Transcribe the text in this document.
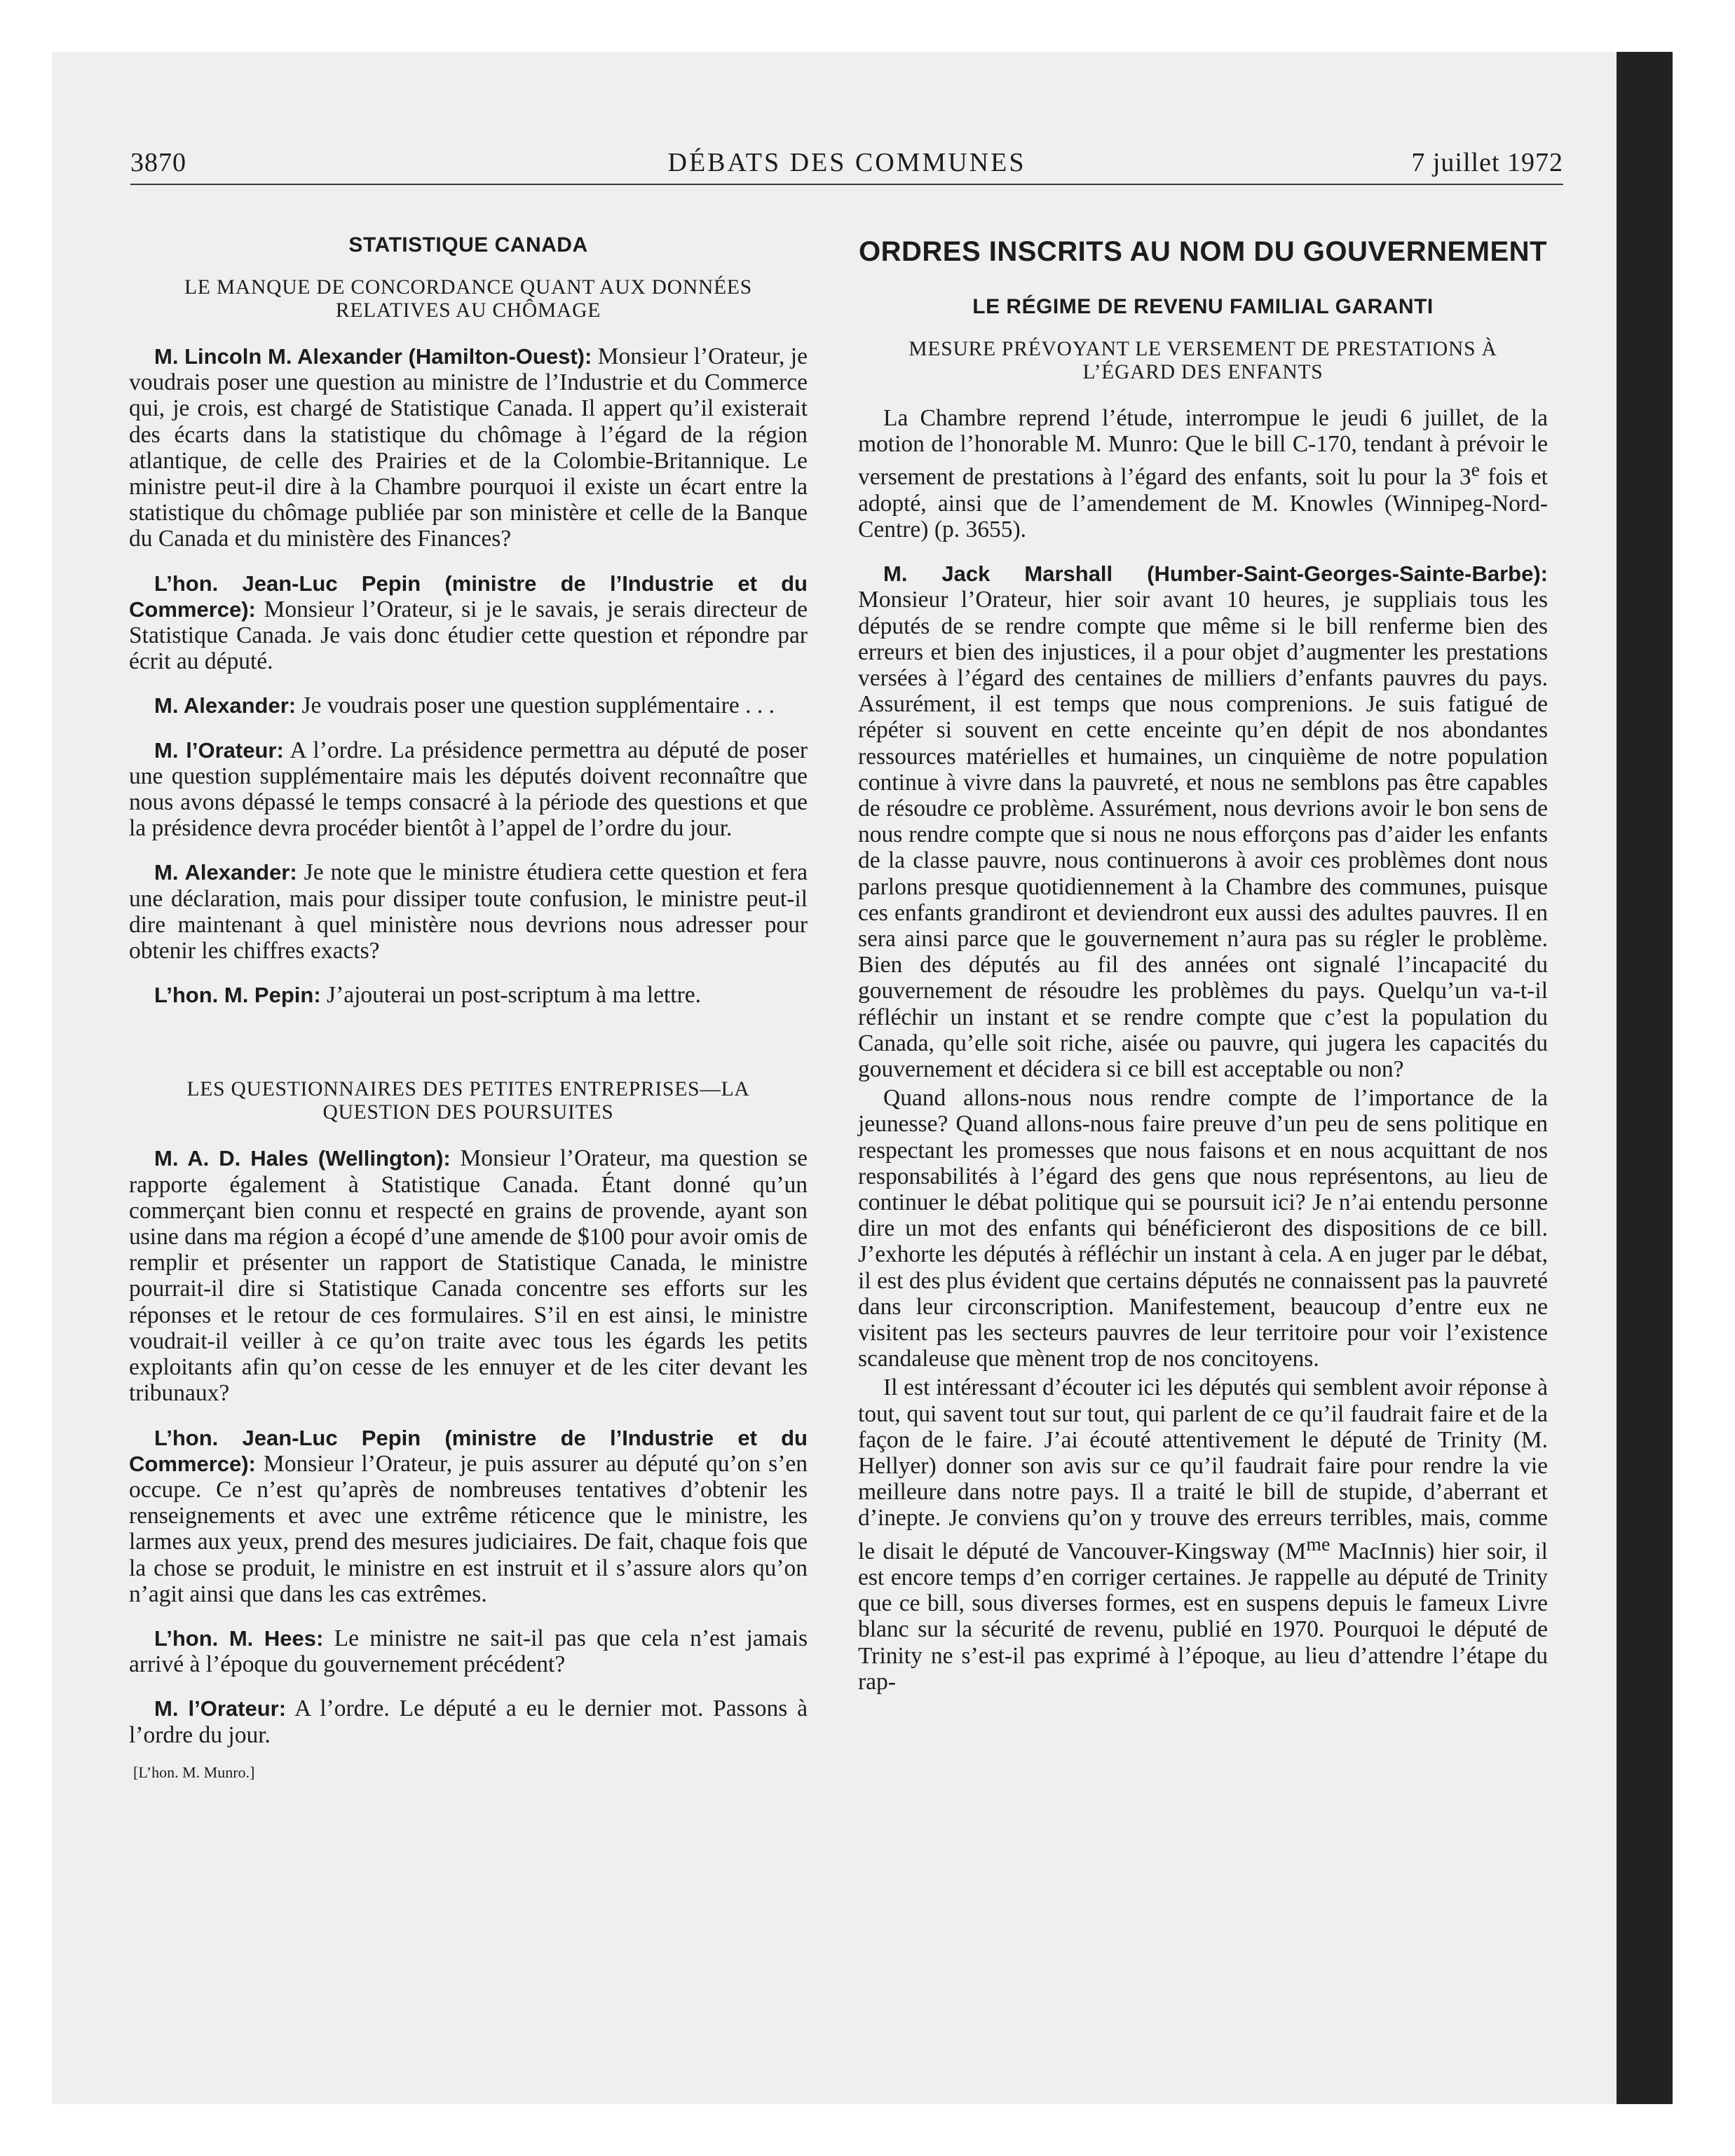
3870	DÉBATS DES COMMUNES	7 juillet 1972
STATISTIQUE CANADA
LE MANQUE DE CONCORDANCE QUANT AUX DONNÉES RELATIVES AU CHÔMAGE

M. Lincoln M. Alexander (Hamilton-Ouest): Monsieur l’Orateur, je voudrais poser une question au ministre de l’Industrie et du Commerce qui, je crois, est chargé de Statistique Canada. Il appert qu’il existerait des écarts dans la statistique du chômage à l’égard de la région atlantique, de celle des Prairies et de la Colombie-Britannique. Le ministre peut-il dire à la Chambre pourquoi il existe un écart entre la statistique du chômage publiée par son ministère et celle de la Banque du Canada et du ministère des Finances?

L’hon. Jean-Luc Pepin (ministre de l’Industrie et du Commerce): Monsieur l’Orateur, si je le savais, je serais directeur de Statistique Canada. Je vais donc étudier cette question et répondre par écrit au député.

M. Alexander: Je voudrais poser une question supplémentaire . . .

M. l’Orateur: A l’ordre. La présidence permettra au député de poser une question supplémentaire mais les députés doivent reconnaître que nous avons dépassé le temps consacré à la période des questions et que la présidence devra procéder bientôt à l’appel de l’ordre du jour.

M. Alexander: Je note que le ministre étudiera cette question et fera une déclaration, mais pour dissiper toute confusion, le ministre peut-il dire maintenant à quel ministère nous devrions nous adresser pour obtenir les chiffres exacts?

L’hon. M. Pepin: J’ajouterai un post-scriptum à ma lettre.

LES QUESTIONNAIRES DES PETITES ENTREPRISES—LA QUESTION DES POURSUITES

M. A. D. Hales (Wellington): Monsieur l’Orateur, ma question se rapporte également à Statistique Canada. Étant donné qu’un commerçant bien connu et respecté en grains de provende, ayant son usine dans ma région a écopé d’une amende de $100 pour avoir omis de remplir et présenter un rapport de Statistique Canada, le ministre pourrait-il dire si Statistique Canada concentre ses efforts sur les réponses et le retour de ces formulaires. S’il en est ainsi, le ministre voudrait-il veiller à ce qu’on traite avec tous les égards les petits exploitants afin qu’on cesse de les ennuyer et de les citer devant les tribunaux?

L’hon. Jean-Luc Pepin (ministre de l’Industrie et du Commerce): Monsieur l’Orateur, je puis assurer au député qu’on s’en occupe. Ce n’est qu’après de nombreuses tentatives d’obtenir les renseignements et avec une extrême réticence que le ministre, les larmes aux yeux, prend des mesures judiciaires. De fait, chaque fois que la chose se produit, le ministre en est instruit et il s’assure alors qu’on n’agit ainsi que dans les cas extrêmes.

L’hon. M. Hees: Le ministre ne sait-il pas que cela n’est jamais arrivé à l’époque du gouvernement précédent?

M. l’Orateur: A l’ordre. Le député a eu le dernier mot. Passons à l’ordre du jour.

[L’hon. M. Munro.]

ORDRES INSCRITS AU NOM DU GOUVERNEMENT
LE RÉGIME DE REVENU FAMILIAL GARANTI
MESURE PRÉVOYANT LE VERSEMENT DE PRESTATIONS À L’ÉGARD DES ENFANTS

La Chambre reprend l’étude, interrompue le jeudi 6 juillet, de la motion de l’honorable M. Munro: Que le bill C-170, tendant à prévoir le versement de prestations à l’égard des enfants, soit lu pour la 3e fois et adopté, ainsi que de l’amendement de M. Knowles (Winnipeg-Nord-Centre) (p. 3655).

M. Jack Marshall (Humber-Saint-Georges-Sainte-Barbe): Monsieur l’Orateur, hier soir avant 10 heures, je suppliais tous les députés de se rendre compte que même si le bill renferme bien des erreurs et bien des injustices, il a pour objet d’augmenter les prestations versées à l’égard des centaines de milliers d’enfants pauvres du pays. Assurément, il est temps que nous comprenions. Je suis fatigué de répéter si souvent en cette enceinte qu’en dépit de nos abondantes ressources matérielles et humaines, un cinquième de notre population continue à vivre dans la pauvreté, et nous ne semblons pas être capables de résoudre ce problème. Assurément, nous devrions avoir le bon sens de nous rendre compte que si nous ne nous efforçons pas d’aider les enfants de la classe pauvre, nous continuerons à avoir ces problèmes dont nous parlons presque quotidiennement à la Chambre des communes, puisque ces enfants grandiront et deviendront eux aussi des adultes pauvres. Il en sera ainsi parce que le gouvernement n’aura pas su régler le problème. Bien des députés au fil des années ont signalé l’incapacité du gouvernement de résoudre les problèmes du pays. Quelqu’un va-t-il réfléchir un instant et se rendre compte que c’est la population du Canada, qu’elle soit riche, aisée ou pauvre, qui jugera les capacités du gouvernement et décidera si ce bill est acceptable ou non?

Quand allons-nous nous rendre compte de l’importance de la jeunesse? Quand allons-nous faire preuve d’un peu de sens politique en respectant les promesses que nous faisons et en nous acquittant de nos responsabilités à l’égard des gens que nous représentons, au lieu de continuer le débat politique qui se poursuit ici? Je n’ai entendu personne dire un mot des enfants qui bénéficieront des dispositions de ce bill. J’exhorte les députés à réfléchir un instant à cela. A en juger par le débat, il est des plus évident que certains députés ne connaissent pas la pauvreté dans leur circonscription. Manifestement, beaucoup d’entre eux ne visitent pas les secteurs pauvres de leur territoire pour voir l’existence scandaleuse que mènent trop de nos concitoyens.

Il est intéressant d’écouter ici les députés qui semblent avoir réponse à tout, qui savent tout sur tout, qui parlent de ce qu’il faudrait faire et de la façon de le faire. J’ai écouté attentivement le député de Trinity (M. Hellyer) donner son avis sur ce qu’il faudrait faire pour rendre la vie meilleure dans notre pays. Il a traité le bill de stupide, d’aberrant et d’inepte. Je conviens qu’on y trouve des erreurs terribles, mais, comme le disait le député de Vancouver-Kingsway ($M^{me}$ MacInnis) hier soir, il est encore temps d’en corriger certaines. Je rappelle au député de Trinity que ce bill, sous diverses formes, est en suspens depuis le fameux Livre blanc sur la sécurité de revenu, publié en 1970. Pourquoi le député de Trinity ne s’est-il pas exprimé à l’époque, au lieu d’attendre l’étape du rap-
